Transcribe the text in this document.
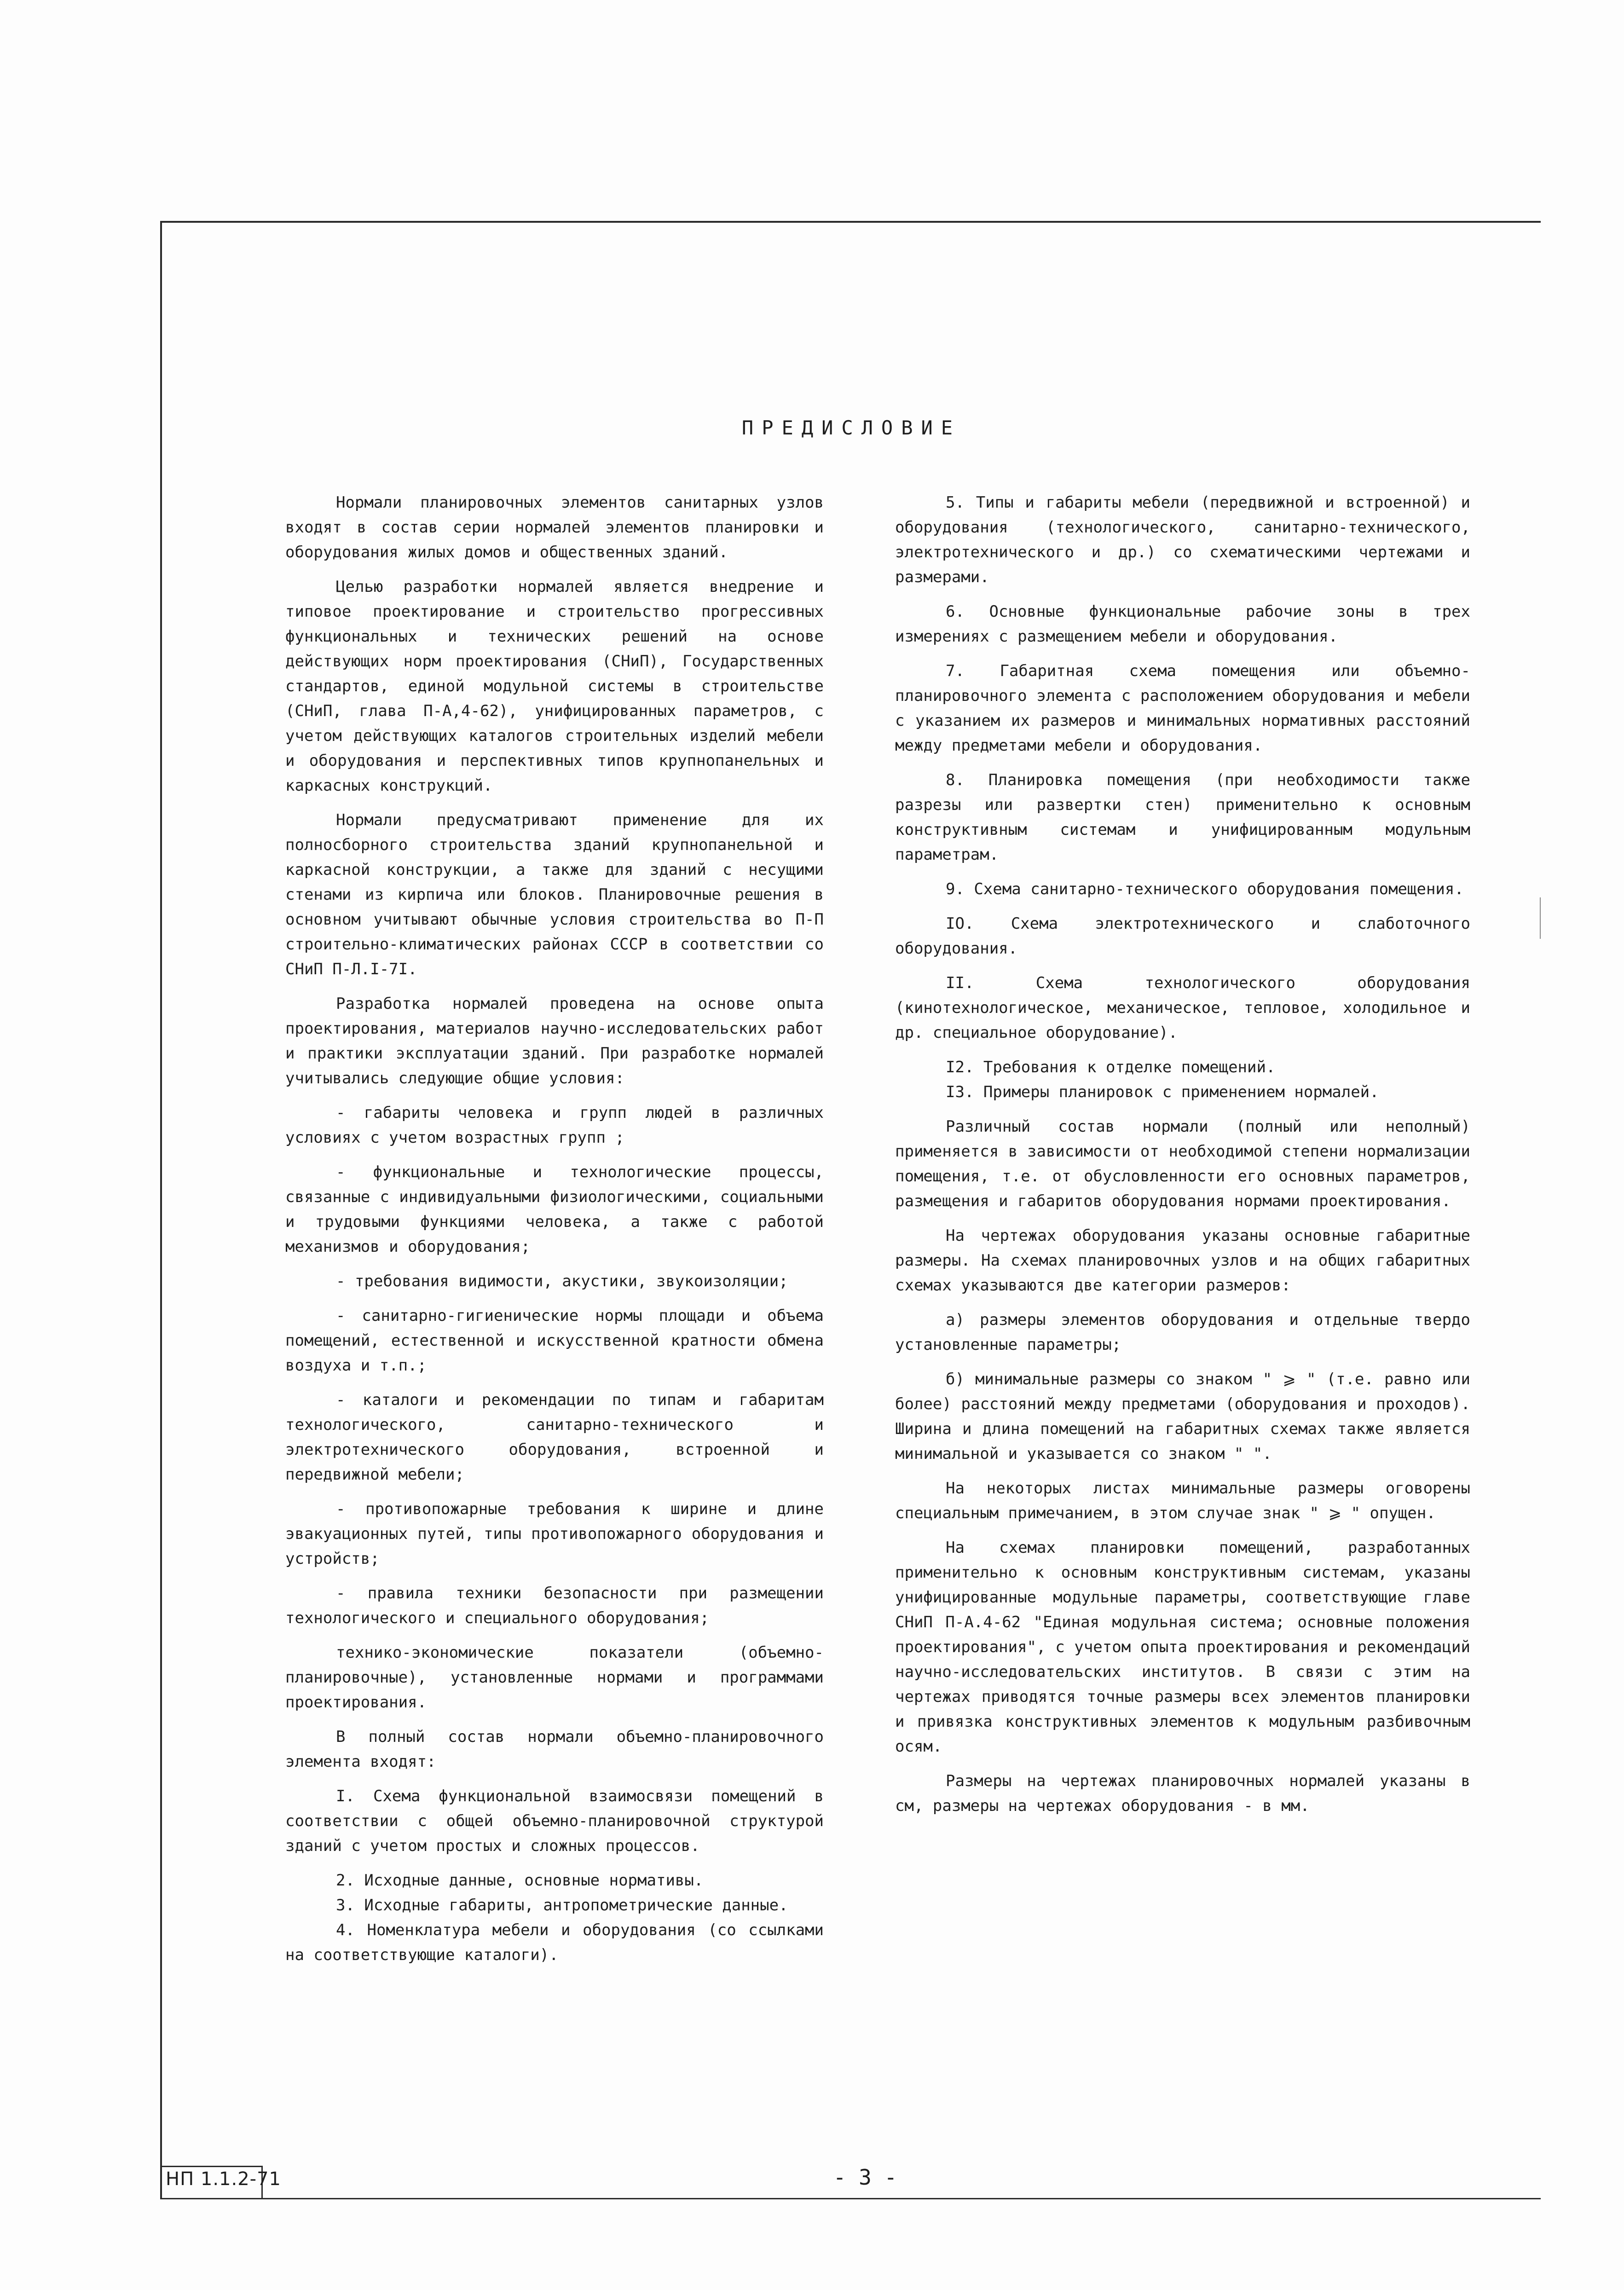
ПРЕДИСЛОВИЕ

Нормали планировочных элементов санитарных узлов входят в состав серии нормалей элементов планировки и оборудования жилых домов и общественных зданий.

Целью разработки нормалей является внедрение и типовое проектирование и строительство прогрессивных функциональных и технических решений на основе действующих норм проектирования (СНиП), Государственных стандартов, единой модульной системы в строительстве (СНиП, глава П-А,4-62), унифицированных параметров, с учетом действующих каталогов строительных изделий мебели и оборудования и перспективных типов крупнопанельных и каркасных конструкций.

Нормали предусматривают применение для их полносборного строительства зданий крупнопанельной и каркасной конструкции, а также для зданий с несущими стенами из кирпича или блоков. Планировочные решения в основном учитывают обычные условия строительства во П-П строительно-климатических районах СССР в соответствии со СНиП П-Л.I-7I.

Разработка нормалей проведена на основе опыта проектирования, материалов научно-исследовательских работ и практики эксплуатации зданий. При разработке нормалей учитывались следующие общие условия:

- габариты человека и групп людей в различных условиях с учетом возрастных групп ;

- функциональные и технологические процессы, связанные с индивидуальными физиологическими, социальными и трудовыми функциями человека, а также с работой механизмов и оборудования;

- требования видимости, акустики, звукоизоляции;

- санитарно-гигиенические нормы площади и объема помещений, естественной и искусственной кратности обмена воздуха и т.п.;

- каталоги и рекомендации по типам и габаритам технологического, санитарно-технического и электротехнического оборудования, встроенной и передвижной мебели;

- противопожарные требования к ширине и длине эвакуационных путей, типы противопожарного оборудования и устройств;

- правила техники безопасности при размещении технологического и специального оборудования;

технико-экономические показатели (объемно-планировочные), установленные нормами и программами проектирования.

В полный состав нормали объемно-планировочного элемента входят:

I. Схема функциональной взаимосвязи помещений в соответствии с общей объемно-планировочной структурой зданий с учетом простых и сложных процессов.

2. Исходные данные, основные нормативы.

3. Исходные габариты, антропометрические данные.

4. Номенклатура мебели и оборудования (со ссылками на соответствующие каталоги).

5. Типы и габариты мебели (передвижной и встроенной) и оборудования (технологического, санитарно-технического, электротехнического и др.) со схематическими чертежами и размерами.

6. Основные функциональные рабочие зоны в трех измерениях с размещением мебели и оборудования.

7. Габаритная схема помещения или объемно-планировочного элемента с расположением оборудования и мебели с указанием их размеров и минимальных нормативных расстояний между предметами мебели и оборудования.

8. Планировка помещения (при необходимости также разрезы или развертки стен) применительно к основным конструктивным системам и унифицированным модульным параметрам.

9. Схема санитарно-технического оборудования помещения.

IO. Схема электротехнического и слаботочного оборудования.

II. Схема технологического оборудования (кинотехнологическое, механическое, тепловое, холодильное и др. специальное оборудование).

I2. Требования к отделке помещений.

I3. Примеры планировок с применением нормалей.

Различный состав нормали (полный или неполный) применяется в зависимости от необходимой степени нормализации помещения, т.е. от обусловленности его основных параметров, размещения и габаритов оборудования нормами проектирования.

На чертежах оборудования указаны основные габаритные размеры. На схемах планировочных узлов и на общих габаритных схемах указываются две категории размеров:

а) размеры элементов оборудования и отдельные твердо установленные параметры;

б) минимальные размеры со знаком " ⩾ " (т.е. равно или более) расстояний между предметами (оборудования и проходов). Ширина и длина помещений на габаритных схемах также является минимальной и указывается со знаком " ".

На некоторых листах минимальные размеры оговорены специальным примечанием, в этом случае знак " ⩾ " опущен.

На схемах планировки помещений, разработанных применительно к основным конструктивным системам, указаны унифицированные модульные параметры, соответствующие главе СНиП П-А.4-62 "Единая модульная система; основные положения проектирования", с учетом опыта проектирования и рекомендаций научно-исследовательских институтов. В связи с этим на чертежах приводятся точные размеры всех элементов планировки и привязка конструктивных элементов к модульным разбивочным осям.

Размеры на чертежах планировочных нормалей указаны в см, размеры на чертежах оборудования - в мм.

НП 1.1.2-71	- 3 -
